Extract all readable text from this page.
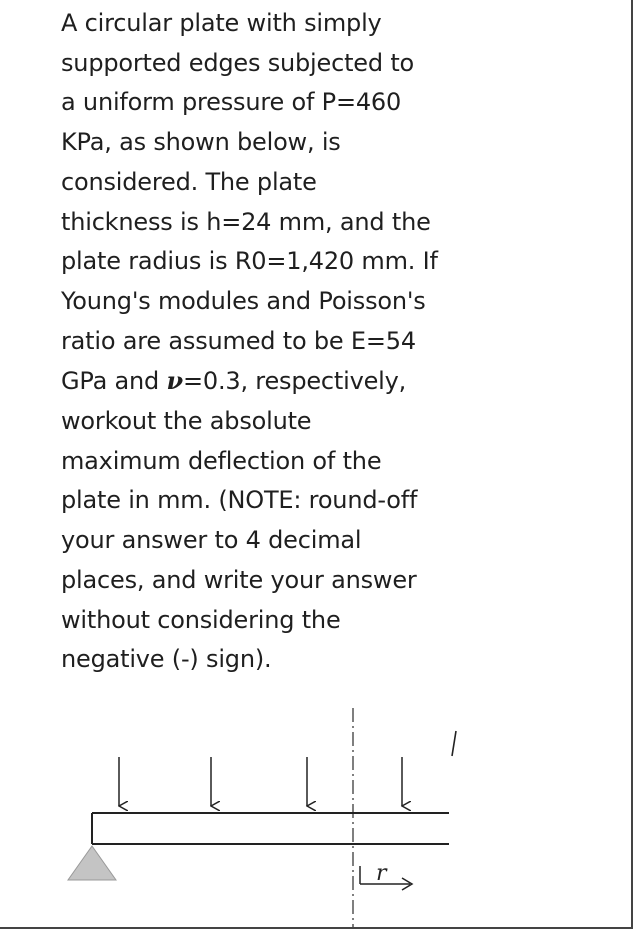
A circular plate with simply
supported edges subjected to
a uniform pressure of P=460
KPa, as shown below, is
considered. The plate
thickness is h=24 mm, and the
plate radius is R0=1,420 mm. If
Young's modules and Poisson's
ratio are assumed to be E=54
GPa and ν=0.3, respectively,
workout the absolute
maximum deflection of the
plate in mm. (NOTE: round-off
your answer to 4 decimal
places, and write your answer
without considering the
negative (-) sign).
r
